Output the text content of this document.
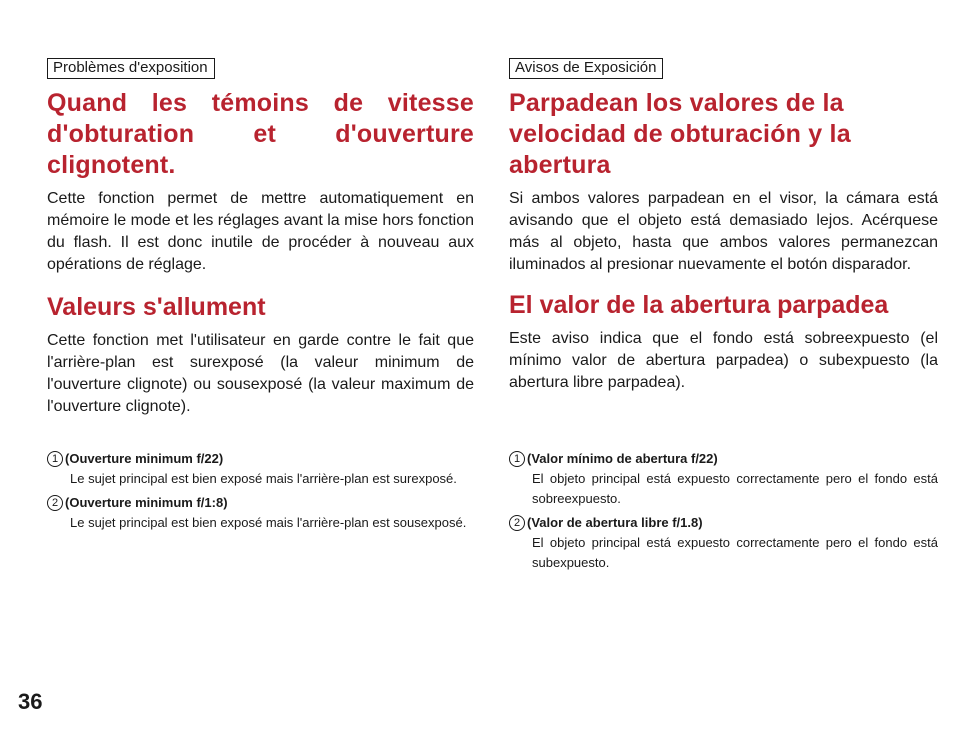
Problèmes d'exposition
Quand les témoins de vitesse d'obturation et d'ouverture clignotent.

Cette fonction permet de mettre automatiquement en mémoire le mode et les réglages avant la mise hors fonction du flash. Il est donc inutile de procéder à nouveau aux opérations de réglage.

Valeurs s'allument

Cette fonction met l'utilisateur en garde contre le fait que l'arrière-plan est surexposé (la valeur minimum de l'ouverture clignote) ou sousexposé (la valeur maximum de l'ouverture clignote).

Avisos de Exposición
Parpadean los valores de la velocidad de obturación y la abertura

Si ambos valores parpadean en el visor, la cámara está avisando que el objeto está demasiado lejos. Acérquese más al objeto, hasta que ambos valores permanezcan iluminados al presionar nuevamente el botón disparador.

El valor de la abertura parpadea

Este aviso indica que el fondo está sobreexpuesto (el mínimo valor de abertura parpadea) o subexpuesto (la abertura libre parpadea).

1 (Ouverture minimum f/22)
Le sujet principal est bien exposé mais l'arrière-plan est surexposé.
2 (Ouverture minimum f/1:8)
Le sujet principal est bien exposé mais l'arrière-plan est sousexposé.
1 (Valor mínimo de abertura f/22)
El objeto principal está expuesto correctamente pero el fondo está sobreexpuesto.
2 (Valor de abertura libre f/1.8)
El objeto principal está expuesto correctamente pero el fondo está subexpuesto.
36
